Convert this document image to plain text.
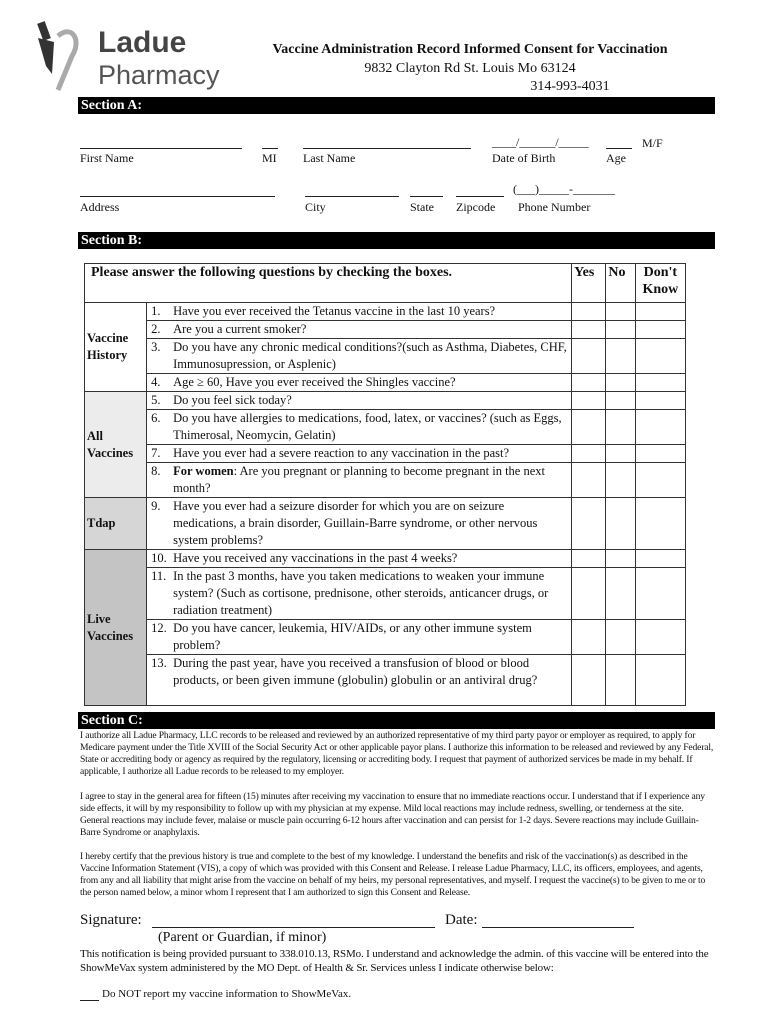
Ladue
Pharmacy
Vaccine Administration Record Informed Consent for Vaccination
9832 Clayton Rd St. Louis Mo 63124
314-993-4031
Section A:
____/______/_____	M/F
First Name	MI Last Name	Date of Birth	Age
(___)_____-_______
Address	City	State Zipcode Phone Number
Section B:
Please answer the following questions by checking the boxes.		Yes	No	Don't Know
Vaccine History	1. Have you ever received the Tetanus vaccine in the last 10 years?			
	2. Are you a current smoker?			
	3. Do you have any chronic medical conditions?(such as Asthma, Diabetes, CHF, Immunosupression, or Asplenic)			
	4. Age ≥ 60, Have you ever received the Shingles vaccine?			
All Vaccines	5. Do you feel sick today?			
	6. Do you have allergies to medications, food, latex, or vaccines? (such as Eggs, Thimerosal, Neomycin, Gelatin)			
	7. Have you ever had a severe reaction to any vaccination in the past?			
	8. For women: Are you pregnant or planning to become pregnant in the next month?			
Tdap	9. Have you ever had a seizure disorder for which you are on seizure medications, a brain disorder, Guillain-Barre syndrome, or other nervous system problems?			
Live Vaccines	10. Have you received any vaccinations in the past 4 weeks?			
	11. In the past 3 months, have you taken medications to weaken your immune system? (Such as cortisone, prednisone, other steroids, anticancer drugs, or radiation treatment)			
	12. Do you have cancer, leukemia, HIV/AIDs, or any other immune system problem?			
	13. During the past year, have you received a transfusion of blood or blood products, or been given immune (globulin) globulin or an antiviral drug?			
Section C:
I authorize all Ladue Pharmacy, LLC records to be released and reviewed by an authorized representative of my third party payor or employer as required, to apply for Medicare payment under the Title XVIII of the Social Security Act or other applicable payor plans. I authorize this information to be released and reviewed by any Federal, State or accrediting body or agency as required by the regulatory, licensing or accrediting body. I request that payment of authorized services be made in my behalf. If applicable, I authorize all Ladue records to be released to my employer.
I agree to stay in the general area for fifteen (15) minutes after receiving my vaccination to ensure that no immediate reactions occur. I understand that if I experience any side effects, it will by my responsibility to follow up with my physician at my expense. Mild local reactions may include redness, swelling, or tenderness at the site. General reactions may include fever, malaise or muscle pain occurring 6-12 hours after vaccination and can persist for 1-2 days. Severe reactions may include Guillain-Barre Syndrome or anaphylaxis.
I hereby certify that the previous history is true and complete to the best of my knowledge. I understand the benefits and risk of the vaccination(s) as described in the Vaccine Information Statement (VIS), a copy of which was provided with this Consent and Release. I release Ladue Pharmacy, LLC, its officers, employees, and agents, from any and all liability that might arise from the vaccine on behalf of my heirs, my personal representatives, and myself. I request the vaccine(s) to be given to me or to the person named below, a minor whom I represent that I am authorized to sign this Consent and Release.
Signature:	Date:
(Parent or Guardian, if minor)
This notification is being provided pursuant to 338.010.13, RSMo. I understand and acknowledge the admin. of this vaccine will be entered into the ShowMeVax system administered by the MO Dept. of Health & Sr. Services unless I indicate otherwise below:
Do NOT report my vaccine information to ShowMeVax.
